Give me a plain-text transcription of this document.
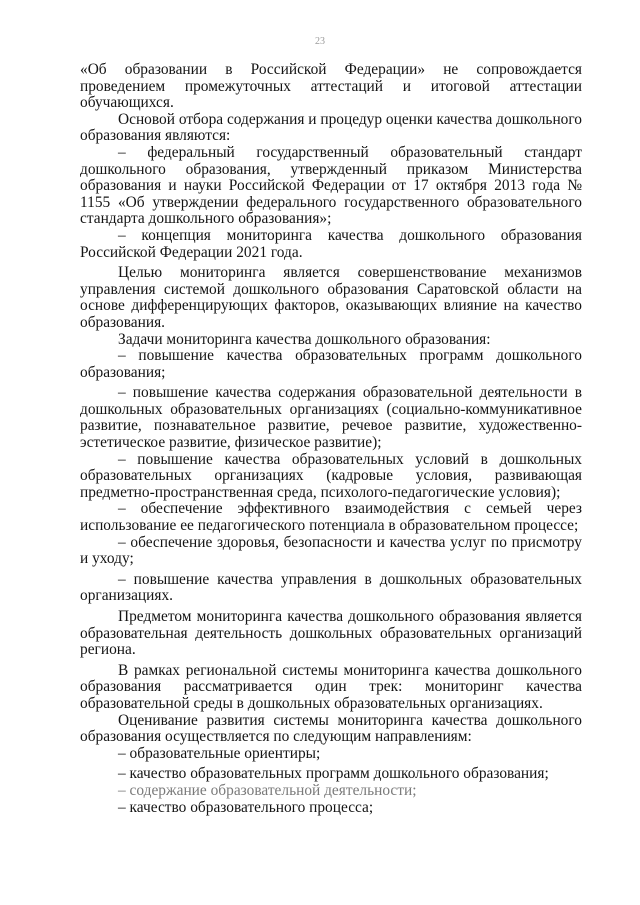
23

«Об образовании в Российской Федерации» не сопровождается проведением промежуточных аттестаций и итоговой аттестации обучающихся.

Основой отбора содержания и процедур оценки качества дошкольного образования являются:

‒ федеральный государственный образовательный стандарт дошкольного образования, утвержденный приказом Министерства образования и науки Российской Федерации от 17 октября 2013 года № 1155 «Об утверждении федерального государственного образовательного стандарта дошкольного образования»;

‒ концепция мониторинга качества дошкольного образования Российской Федерации 2021 года.

Целью мониторинга является совершенствование механизмов управления системой дошкольного образования Саратовской области на основе дифференцирующих факторов, оказывающих влияние на качество образования.

Задачи мониторинга качества дошкольного образования:

‒ повышение качества образовательных программ дошкольного образования;

‒ повышение качества содержания образовательной деятельности в дошкольных образовательных организациях (социально-коммуникативное развитие, познавательное развитие, речевое развитие, художественно-эстетическое развитие, физическое развитие);

‒ повышение качества образовательных условий в дошкольных образовательных организациях (кадровые условия, развивающая предметно-пространственная среда, психолого-педагогические условия);

‒ обеспечение эффективного взаимодействия с семьей через использование ее педагогического потенциала в образовательном процессе;

‒ обеспечение здоровья, безопасности и качества услуг по присмотру и уходу;

‒ повышение качества управления в дошкольных образовательных организациях.

Предметом мониторинга качества дошкольного образования является образовательная деятельность дошкольных образовательных организаций региона.

В рамках региональной системы мониторинга качества дошкольного образования рассматривается один трек: мониторинг качества образовательной среды в дошкольных образовательных организациях.

Оценивание развития системы мониторинга качества дошкольного образования осуществляется по следующим направлениям:

‒ образовательные ориентиры;

‒ качество образовательных программ дошкольного образования;

‒ содержание образовательной деятельности;

‒ качество образовательного процесса;
